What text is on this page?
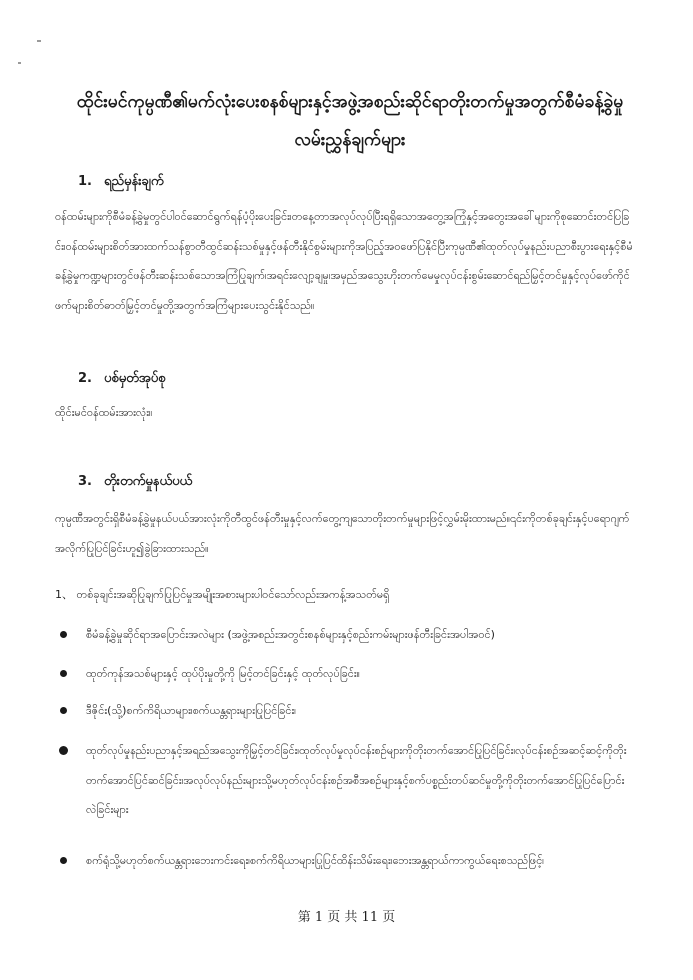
ထိုင်းမင်ကုမ္ပဏီ၏မက်လုံးပေးစနစ်များနှင့်အဖွဲ့အစည်းဆိုင်ရာတိုးတက်မှုအတွက်စီမံခန့်ခွဲမှုလမ်းညွှန်ချက်များ
1. ရည်မှန်းချက်
ဝန်ထမ်းများကိုစီမံခန့်ခွဲမှုတွင်ပါဝင်ဆောင်ရွက်ရန်ပံ့ပိုးပေးခြင်း၊တနေ့တာအလုပ်လုပ်ပြီးရရှိသောအတွေ့အကြုံနှင့်အတွေးအခေါ်များကိုစုဆောင်းတင်ပြခြင်း၊ဝန်ထမ်းများစိတ်အားထက်သန်စွာတီထွင်ဆန်းသစ်မှုနှင့်ဖန်တီးနိုင်စွမ်းများကိုအပြည့်အဝဖော်ပြနိုင်ပြီးကုမ္ပဏီ၏ထုတ်လုပ်မှုနည်းပညာစီးပွားရေးနှင့်စီမံခန့်ခွဲမှုကဏ္ဍများတွင်ဖန်တီးဆန်းသစ်သောအကြံပြုချက်၊အရင်းလျော့ချမှု၊အမှည်အသွေးဟိုးတက်မေမှုလုပ်ငန်းစွမ်းဆောင်ရည်မြှင့်တင်မှုနှင့်လုပ်ဖော်ကိုင်ဖက်များစိတ်ဓာတ်မြှင့်တင်မှုတို့အတွက်အကြံများပေးသွင်းနိုင်သည်။
2. ပစ်မှတ်အုပ်စု
ထိုင်းမင်ဝန်ထမ်းအားလုံး။
3. တိုးတက်မှုနယ်ပယ်
ကုမ္ပဏီအတွင်းရှိစီမံခန့်ခွဲမှုနယ်ပယ်အားလုံးကိုတီထွင်ဖန်တီးမှုနှင့်လက်တွေ့ကျသောတိုးတက်မှုများဖြင့်လွှမ်းမိုးထားမည်။၎င်းကိုတစ်ခုချင်းနှင့်ပရောဂျက်အလိုက်ပြုပြင်ခြင်းဟူ၍ခွဲခြားထားသည်။
1、 တစ်ခုချင်းအဆိုပြုချက်ပြုပြင်မှုအမျိုးအစားများပါဝင်သော်လည်းအကန့်အသတ်မရှိ
စီမံခန့်ခွဲမှုဆိုင်ရာအပြောင်းအလဲများ (အဖွဲ့အစည်းအတွင်းစနစ်များနှင့်စည်းကမ်းများဖန်တီးခြင်းအပါအဝင်)
ထုတ်ကုန်အသစ်များနှင့် ထုပ်ပိုးမှုတို့ကို မြင့်တင်ခြင်းနှင့် ထုတ်လုပ်ခြင်း။
ဒီဇိုင်း(သို့)စက်ကိရိယာများ၊စက်ယန္တရားများပြုပြင်ခြင်း၊
ထုတ်လုပ်မှုနည်းပညာနှင့်အရည်အသွေးကိုမြှင့်တင်ခြင်း၊ထုတ်လုပ်မှုလုပ်ငန်းစဉ်များကိုတိုးတက်အောင်ပြုပြင်ခြင်း၊လုပ်ငန်းစဉ်အဆင့်ဆင့်ကိုတိုးတက်အောင်ပြင်ဆင်ခြင်း၊အလုပ်လုပ်နည်းများသို့မဟုတ်လုပ်ငန်းစဉ်အစီအစဉ်များနှင့်စက်ပစ္စည်းတပ်ဆင်မှုတို့ကိုတိုးတက်အောင်ပြုပြင်ပြောင်းလဲခြင်းများ
စက်ရုံသို့မဟုတ်စက်ယန္တရားဘေးကင်းရေး၊စက်ကိရိယာများပြုပြင်ထိန်းသိမ်းရေး၊ဘေးအန္တရာယ်ကာကွယ်ရေးစသည်ဖြင့်၊
第 1 页 共 11 页
